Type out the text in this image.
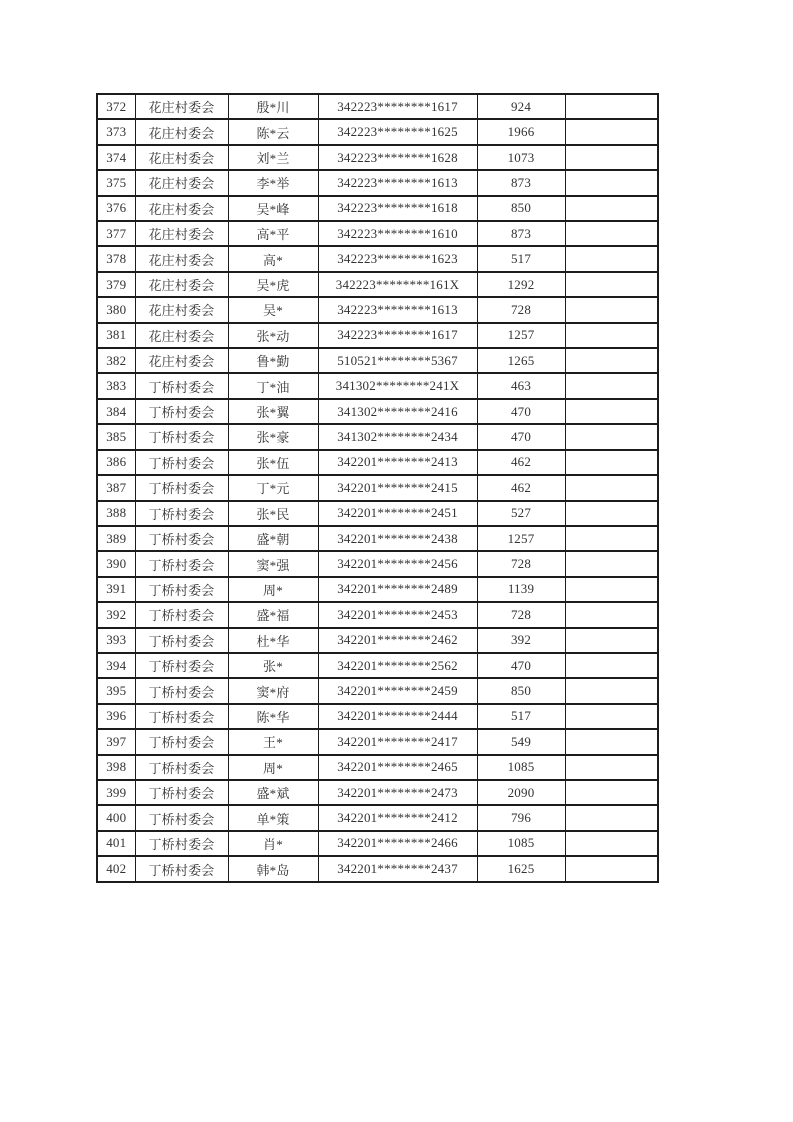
372	花庄村委会	殷*川	342223********1617	924	
373	花庄村委会	陈*云	342223********1625	1966	
374	花庄村委会	刘*兰	342223********1628	1073	
375	花庄村委会	李*举	342223********1613	873	
376	花庄村委会	吴*峰	342223********1618	850	
377	花庄村委会	高*平	342223********1610	873	
378	花庄村委会	高*	342223********1623	517	
379	花庄村委会	吴*虎	342223********161X	1292	
380	花庄村委会	吴*	342223********1613	728	
381	花庄村委会	张*动	342223********1617	1257	
382	花庄村委会	鲁*勤	510521********5367	1265	
383	丁桥村委会	丁*油	341302********241X	463	
384	丁桥村委会	张*翼	341302********2416	470	
385	丁桥村委会	张*豪	341302********2434	470	
386	丁桥村委会	张*伍	342201********2413	462	
387	丁桥村委会	丁*元	342201********2415	462	
388	丁桥村委会	张*民	342201********2451	527	
389	丁桥村委会	盛*朝	342201********2438	1257	
390	丁桥村委会	窦*强	342201********2456	728	
391	丁桥村委会	周*	342201********2489	1139	
392	丁桥村委会	盛*福	342201********2453	728	
393	丁桥村委会	杜*华	342201********2462	392	
394	丁桥村委会	张*	342201********2562	470	
395	丁桥村委会	窦*府	342201********2459	850	
396	丁桥村委会	陈*华	342201********2444	517	
397	丁桥村委会	王*	342201********2417	549	
398	丁桥村委会	周*	342201********2465	1085	
399	丁桥村委会	盛*斌	342201********2473	2090	
400	丁桥村委会	单*策	342201********2412	796	
401	丁桥村委会	肖*	342201********2466	1085	
402	丁桥村委会	韩*岛	342201********2437	1625	
